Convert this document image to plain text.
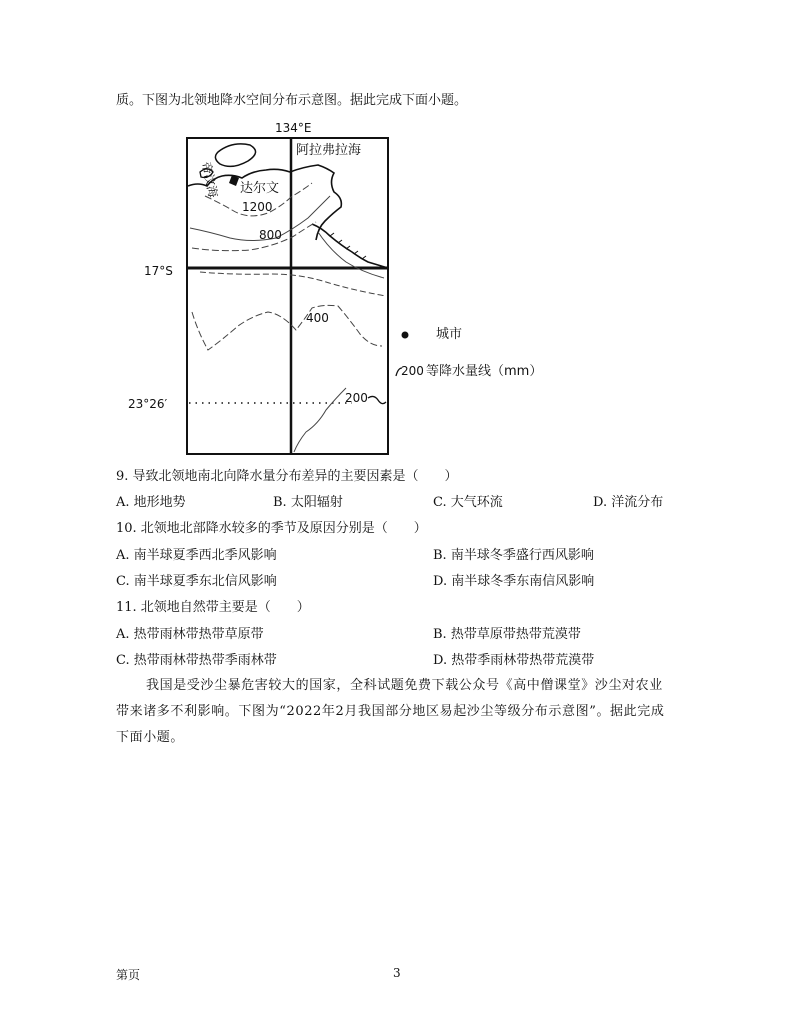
质。下图为北领地降水空间分布示意图。据此完成下面小题。
134°E
阿拉弗拉海
帝汶海 达尔文
1200
800
17°S
400
200
23°26′
城市
200 等降水量线（mm）
9. 导致北领地南北向降水量分布差异的主要因素是（　　）
A. 地形地势	B. 太阳辐射	C. 大气环流	D. 洋流分布
10. 北领地北部降水较多的季节及原因分别是（　　）
A. 南半球夏季西北季风影响	B. 南半球冬季盛行西风影响
C. 南半球夏季东北信风影响	D. 南半球冬季东南信风影响
11. 北领地自然带主要是（　　）
A. 热带雨林带热带草原带	B. 热带草原带热带荒漠带
C. 热带雨林带热带季雨林带	D. 热带季雨林带热带荒漠带
我国是受沙尘暴危害较大的国家，全科试题免费下载公众号《高中僧课堂》沙尘对农业带来诸多不利影响。下图为“2022年2月我国部分地区易起沙尘等级分布示意图”。据此完成下面小题。
第页	3
